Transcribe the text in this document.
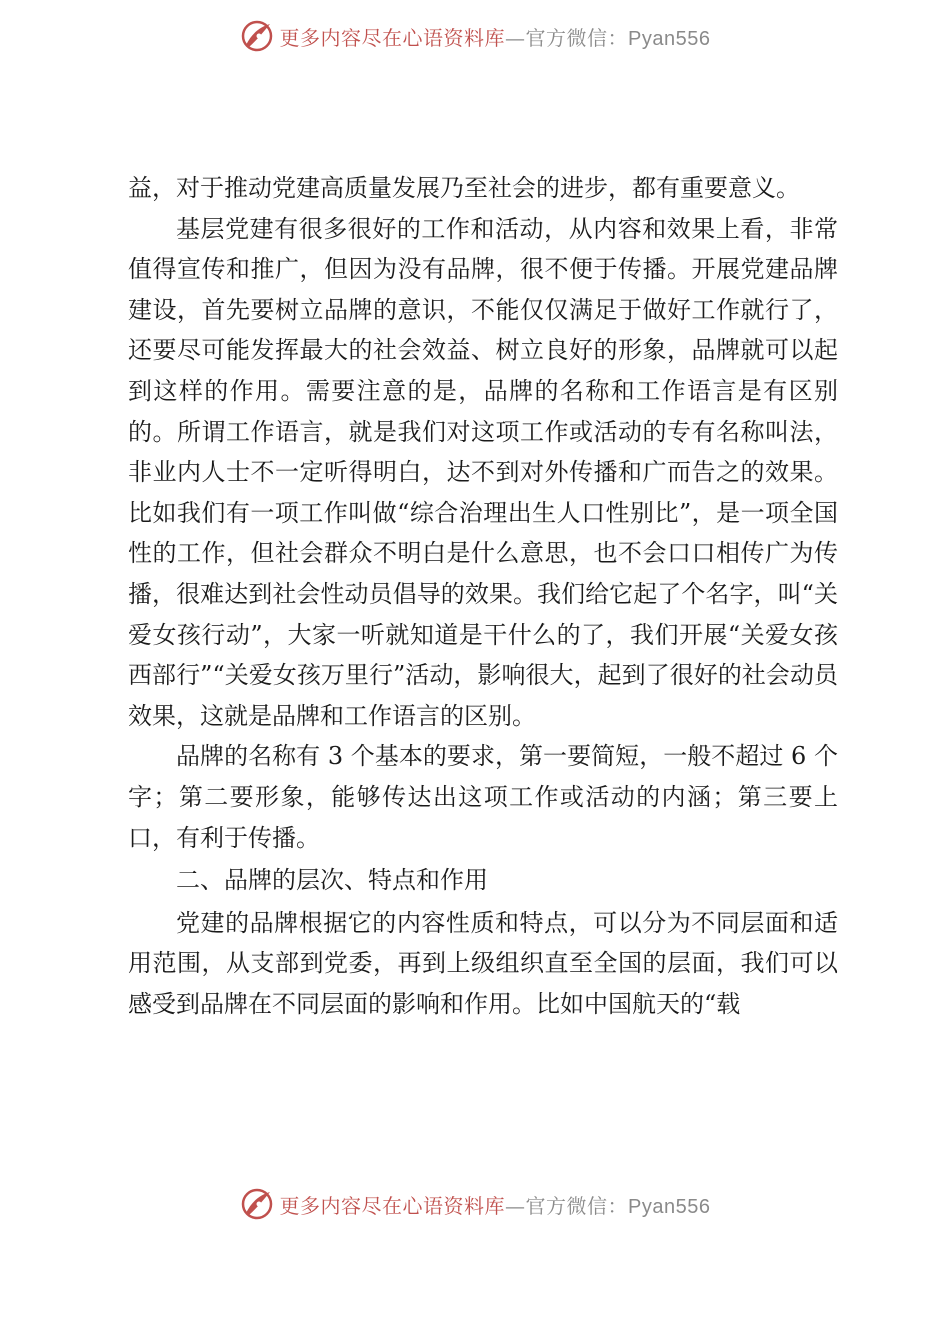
更多内容尽在心语资料库—官方微信：Pyan556

益，对于推动党建高质量发展乃至社会的进步，都有重要意义。

基层党建有很多很好的工作和活动，从内容和效果上看，非常值得宣传和推广，但因为没有品牌，很不便于传播。开展党建品牌建设，首先要树立品牌的意识，不能仅仅满足于做好工作就行了，还要尽可能发挥最大的社会效益、树立良好的形象，品牌就可以起到这样的作用。需要注意的是，品牌的名称和工作语言是有区别的。所谓工作语言，就是我们对这项工作或活动的专有名称叫法，非业内人士不一定听得明白，达不到对外传播和广而告之的效果。比如我们有一项工作叫做“综合治理出生人口性别比”，是一项全国性的工作，但社会群众不明白是什么意思，也不会口口相传广为传播，很难达到社会性动员倡导的效果。我们给它起了个名字，叫“关爱女孩行动”，大家一听就知道是干什么的了，我们开展“关爱女孩西部行”“关爱女孩万里行”活动，影响很大，起到了很好的社会动员效果，这就是品牌和工作语言的区别。

品牌的名称有 3 个基本的要求，第一要简短，一般不超过 6 个字；第二要形象，能够传达出这项工作或活动的内涵；第三要上口，有利于传播。

二、品牌的层次、特点和作用

党建的品牌根据它的内容性质和特点，可以分为不同层面和适用范围，从支部到党委，再到上级组织直至全国的层面，我们可以感受到品牌在不同层面的影响和作用。比如中国航天的“载

更多内容尽在心语资料库—官方微信：Pyan556
